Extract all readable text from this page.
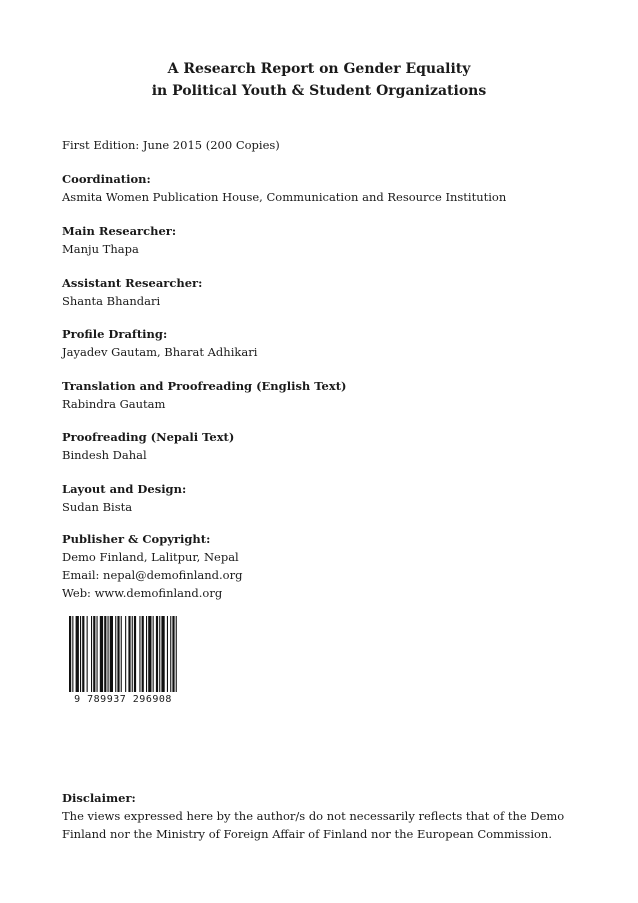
A Research Report on Gender Equality
in Political Youth & Student Organizations
First Edition: June 2015 (200 Copies)
Coordination:
Asmita Women Publication House, Communication and Resource Institution
Main Researcher:
Manju Thapa
Assistant Researcher:
Shanta Bhandari
Profile Drafting:
Jayadev Gautam, Bharat Adhikari
Translation and Proofreading (English Text)
Rabindra Gautam
Proofreading (Nepali Text)
Bindesh Dahal
Layout and Design:
Sudan Bista
Publisher & Copyright:
Demo Finland, Lalitpur, Nepal
Email: nepal@demofinland.org
Web: www.demofinland.org
9 789937 296908
Disclaimer:
The views expressed here by the author/s do not necessarily reflects that of the Demo Finland nor the Ministry of Foreign Affair of Finland nor the European Commission.
